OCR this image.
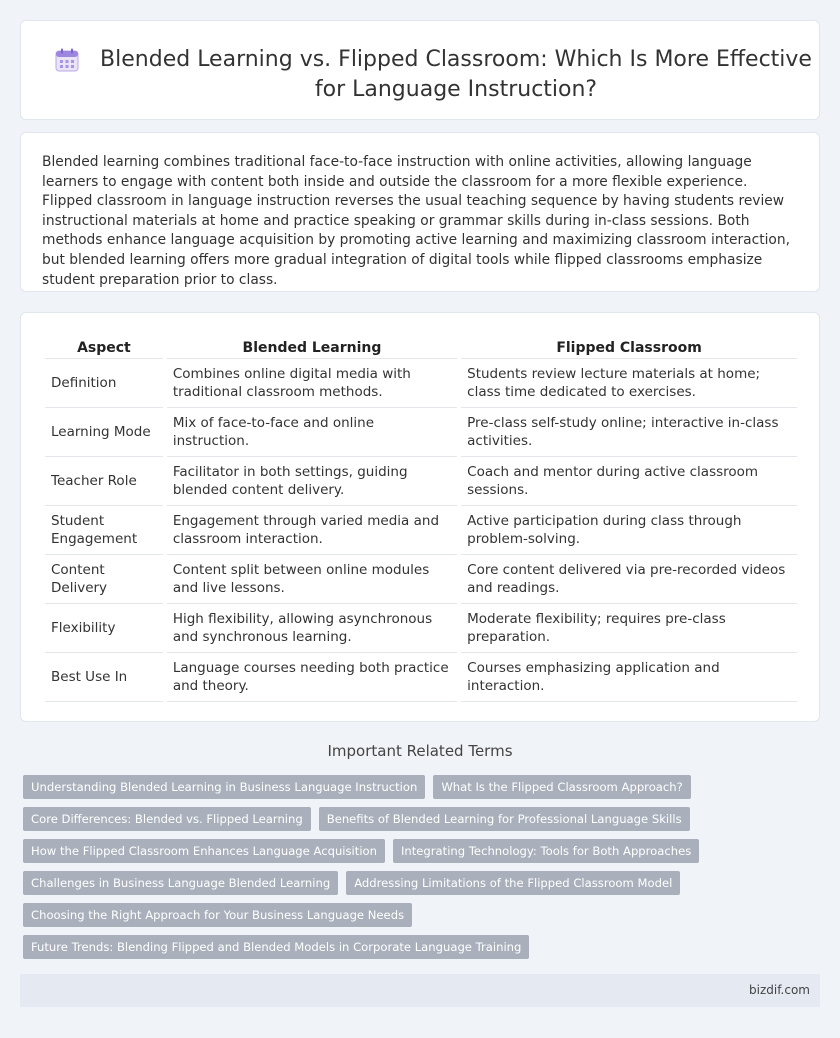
Blended Learning vs. Flipped Classroom: Which Is More Effective for Language Instruction?

Blended learning combines traditional face-to-face instruction with online activities, allowing language learners to engage with content both inside and outside the classroom for a more flexible experience. Flipped classroom in language instruction reverses the usual teaching sequence by having students review instructional materials at home and practice speaking or grammar skills during in-class sessions. Both methods enhance language acquisition by promoting active learning and maximizing classroom interaction, but blended learning offers more gradual integration of digital tools while flipped classrooms emphasize student preparation prior to class.

Aspect	Blended Learning	Flipped Classroom
Definition	Combines online digital media with traditional classroom methods.	Students review lecture materials at home; class time dedicated to exercises.
Learning Mode	Mix of face-to-face and online instruction.	Pre-class self-study online; interactive in-class activities.
Teacher Role	Facilitator in both settings, guiding blended content delivery.	Coach and mentor during active classroom sessions.
Student Engagement	Engagement through varied media and classroom interaction.	Active participation during class through problem-solving.
Content Delivery	Content split between online modules and live lessons.	Core content delivered via pre-recorded videos and readings.
Flexibility	High flexibility, allowing asynchronous and synchronous learning.	Moderate flexibility; requires pre-class preparation.
Best Use In	Language courses needing both practice and theory.	Courses emphasizing application and interaction.
Important Related Terms
Understanding Blended Learning in Business Language Instruction	What Is the Flipped Classroom Approach?
Core Differences: Blended vs. Flipped Learning	Benefits of Blended Learning for Professional Language Skills
How the Flipped Classroom Enhances Language Acquisition	Integrating Technology: Tools for Both Approaches
Challenges in Business Language Blended Learning	Addressing Limitations of the Flipped Classroom Model
Choosing the Right Approach for Your Business Language Needs
Future Trends: Blending Flipped and Blended Models in Corporate Language Training
bizdif.com
